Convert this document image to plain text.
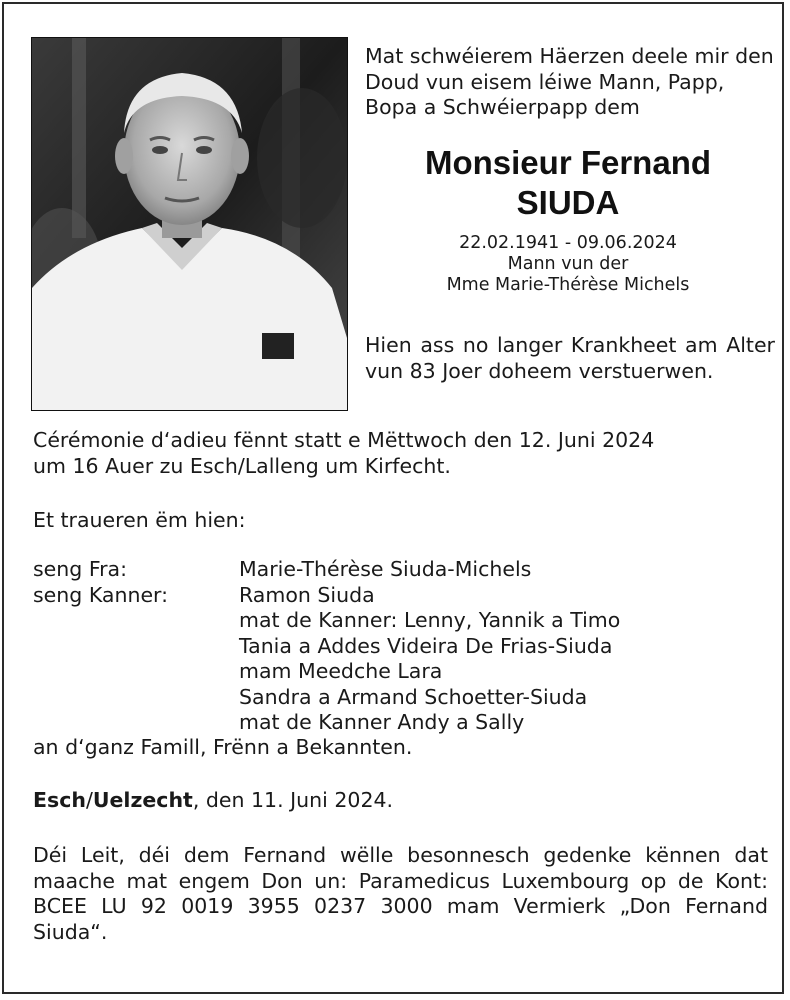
Mat schwéierem Häerzen deele mir den Doud vun eisem léiwe Mann, Papp, Bopa a Schwéierpapp dem
Monsieur Fernand
SIUDA
22.02.1941 - 09.06.2024
Mann vun der
Mme Marie-Thérèse Michels
Hien ass no langer Krankheet am Alter vun 83 Joer doheem verstuerwen.
Cérémonie d‘adieu fënnt statt e Mëttwoch den 12. Juni 2024
um 16 Auer zu Esch/Lalleng um Kirfecht.
Et traueren ëm hien:
seng Fra:	Marie-Thérèse Siuda-Michels
seng Kanner:	Ramon Siuda
mat de Kanner: Lenny, Yannik a Timo
Tania a Addes Videira De Frias-Siuda
mam Meedche Lara
Sandra a Armand Schoetter-Siuda
mat de Kanner Andy a Sally
an d‘ganz Famill, Frënn a Bekannten.
Esch/Uelzecht, den 11. Juni 2024.
Déi Leit, déi dem Fernand wëlle besonnesch gedenke kënnen dat maache mat engem Don un: Paramedicus Luxembourg op de Kont: BCEE LU 92 0019 3955 0237 3000 mam Vermierk „Don Fernand Siuda“.
